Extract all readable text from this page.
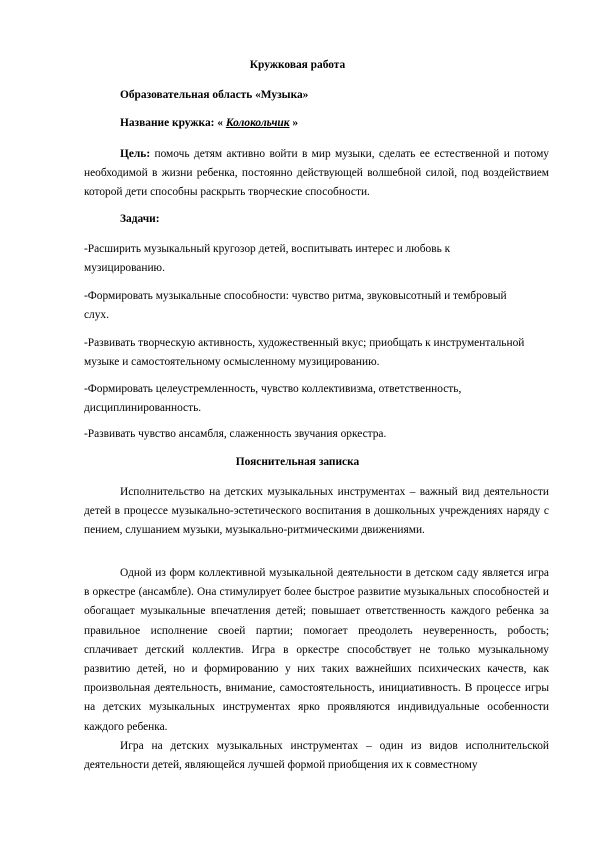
Кружковая работа
Образовательная область «Музыка»
Название кружка: « Колокольчик »
Цель: помочь детям активно войти в мир музыки, сделать ее естественной и потому необходимой в жизни ребенка, постоянно действующей волшебной силой, под воздействием которой дети способны раскрыть творческие способности.
Задачи:
-Расширить музыкальный кругозор детей, воспитывать интерес и любовь к музицированию.
-Формировать музыкальные способности: чувство ритма, звуковысотный и тембровый слух.
-Развивать творческую активность, художественный вкус; приобщать к инструментальной музыке и самостоятельному осмысленному музицированию.
-Формировать целеустремленность, чувство коллективизма, ответственность, дисциплинированность.
-Развивать чувство ансамбля, слаженность звучания оркестра.
Пояснительная записка
Исполнительство на детских музыкальных инструментах – важный вид деятельности детей в процессе музыкально-эстетического воспитания в дошкольных учреждениях наряду с пением, слушанием музыки, музыкально-ритмическими движениями.
Одной из форм коллективной музыкальной деятельности в детском саду является игра в оркестре (ансамбле). Она стимулирует более быстрое развитие музыкальных способностей и обогащает музыкальные впечатления детей; повышает ответственность каждого ребенка за правильное исполнение своей партии; помогает преодолеть неуверенность, робость; сплачивает детский коллектив. Игра в оркестре способствует не только музыкальному развитию детей, но и формированию у них таких важнейших психических качеств, как произвольная деятельность, внимание, самостоятельность, инициативность. В процессе игры на детских музыкальных инструментах ярко проявляются индивидуальные особенности каждого ребенка.
Игра на детских музыкальных инструментах – один из видов исполнительской деятельности детей, являющейся лучшей формой приобщения их к совместному
